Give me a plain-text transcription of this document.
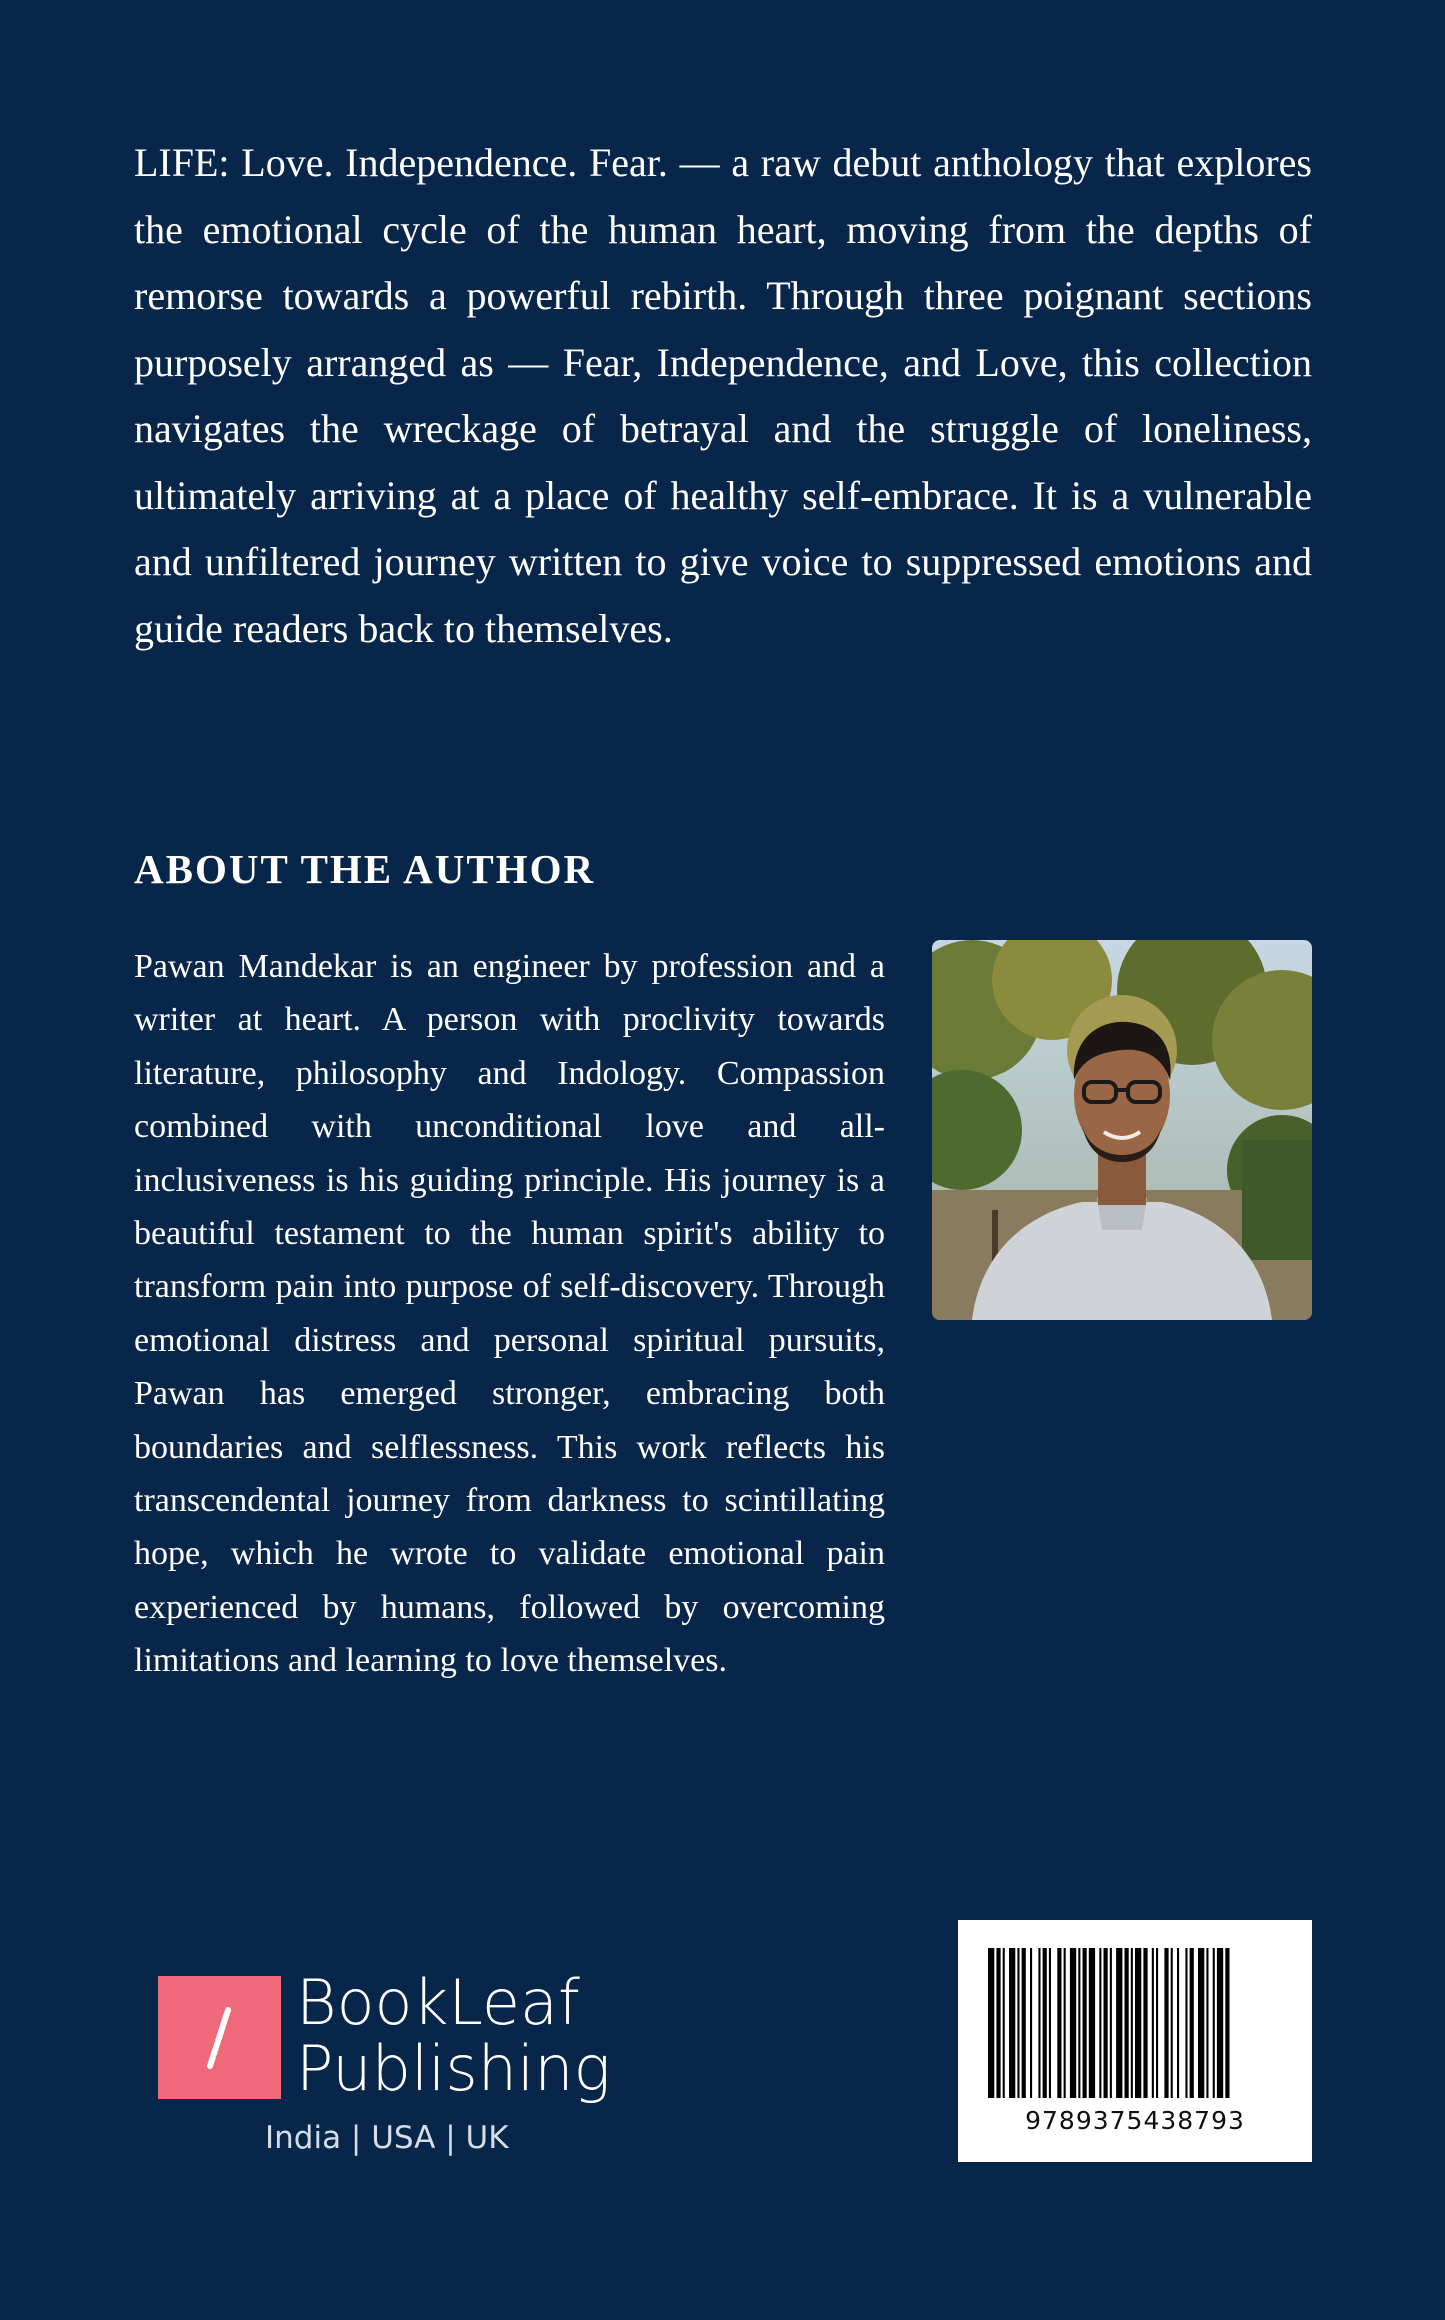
LIFE: Love. Independence. Fear. — a raw debut anthology that explores the emotional cycle of the human heart, moving from the depths of remorse towards a powerful rebirth. Through three poignant sections purposely arranged as — Fear, Independence, and Love, this collection navigates the wreckage of betrayal and the struggle of loneliness, ultimately arriving at a place of healthy self-embrace. It is a vulnerable and unfiltered journey written to give voice to suppressed emotions and guide readers back to themselves.

ABOUT THE AUTHOR

Pawan Mandekar is an engineer by profession and a writer at heart. A person with proclivity towards literature, philosophy and Indology. Compassion combined with unconditional love and all-inclusiveness is his guiding principle. His journey is a beautiful testament to the human spirit's ability to transform pain into purpose of self-discovery. Through emotional distress and personal spiritual pursuits, Pawan has emerged stronger, embracing both boundaries and selflessness. This work reflects his transcendental journey from darkness to scintillating hope, which he wrote to validate emotional pain experienced by humans, followed by overcoming limitations and learning to love themselves.

BookLeaf
Publishing
India | USA | UK	9789375438793
